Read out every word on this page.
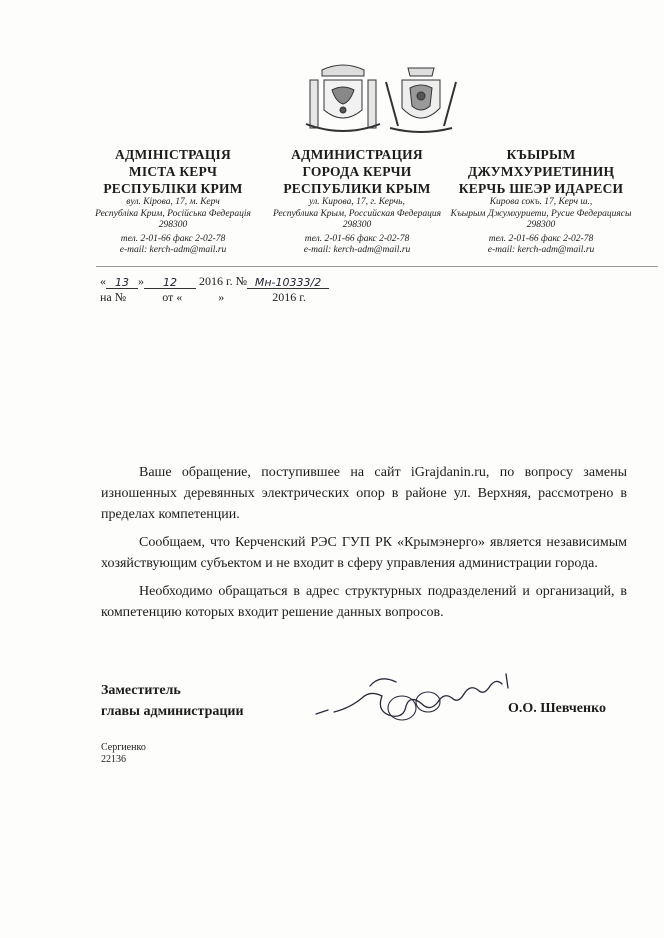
АДМІНІСТРАЦІЯ
МІСТА КЕРЧ
РЕСПУБЛІКИ КРИМ
вул. Кірова, 17, м. Керч
Республіка Крим, Російська Федерація
298300
тел. 2-01-66 факс 2-02-78
e-mail: kerch-adm@mail.ru
АДМИНИСТРАЦИЯ
ГОРОДА КЕРЧИ
РЕСПУБЛИКИ КРЫМ
ул. Кирова, 17, г. Керчь,
Республика Крым, Российская Федерация
298300
тел. 2-01-66 факс 2-02-78
e-mail: kerch-adm@mail.ru
КЪЫРЫМ
ДЖУМХУРИЕТИНИҢ
КЕРЧЬ ШЕЭР ИДАРЕСИ
Кирова сокъ. 17, Керч ш.,
Къырым Джумхуриети, Русие Федерациясы
298300
тел. 2-01-66 факс 2-02-78
e-mail: kerch-adm@mail.ru
« 13 » 12 2016 г. № Мн-10333/2
на №	от «	»	2016 г.

Ваше обращение, поступившее на сайт iGrajdanin.ru, по вопросу замены изношенных деревянных электрических опор в районе ул. Верхняя, рассмотрено в пределах компетенции.

Сообщаем, что Керченский РЭС ГУП РК «Крымэнерго» является независимым хозяйствующим субъектом и не входит в сферу управления администрации города.

Необходимо обращаться в адрес структурных подразделений и организаций, в компетенцию которых входит решение данных вопросов.

Заместитель
главы администрации	О.О. Шевченко
Сергиенко
22136
